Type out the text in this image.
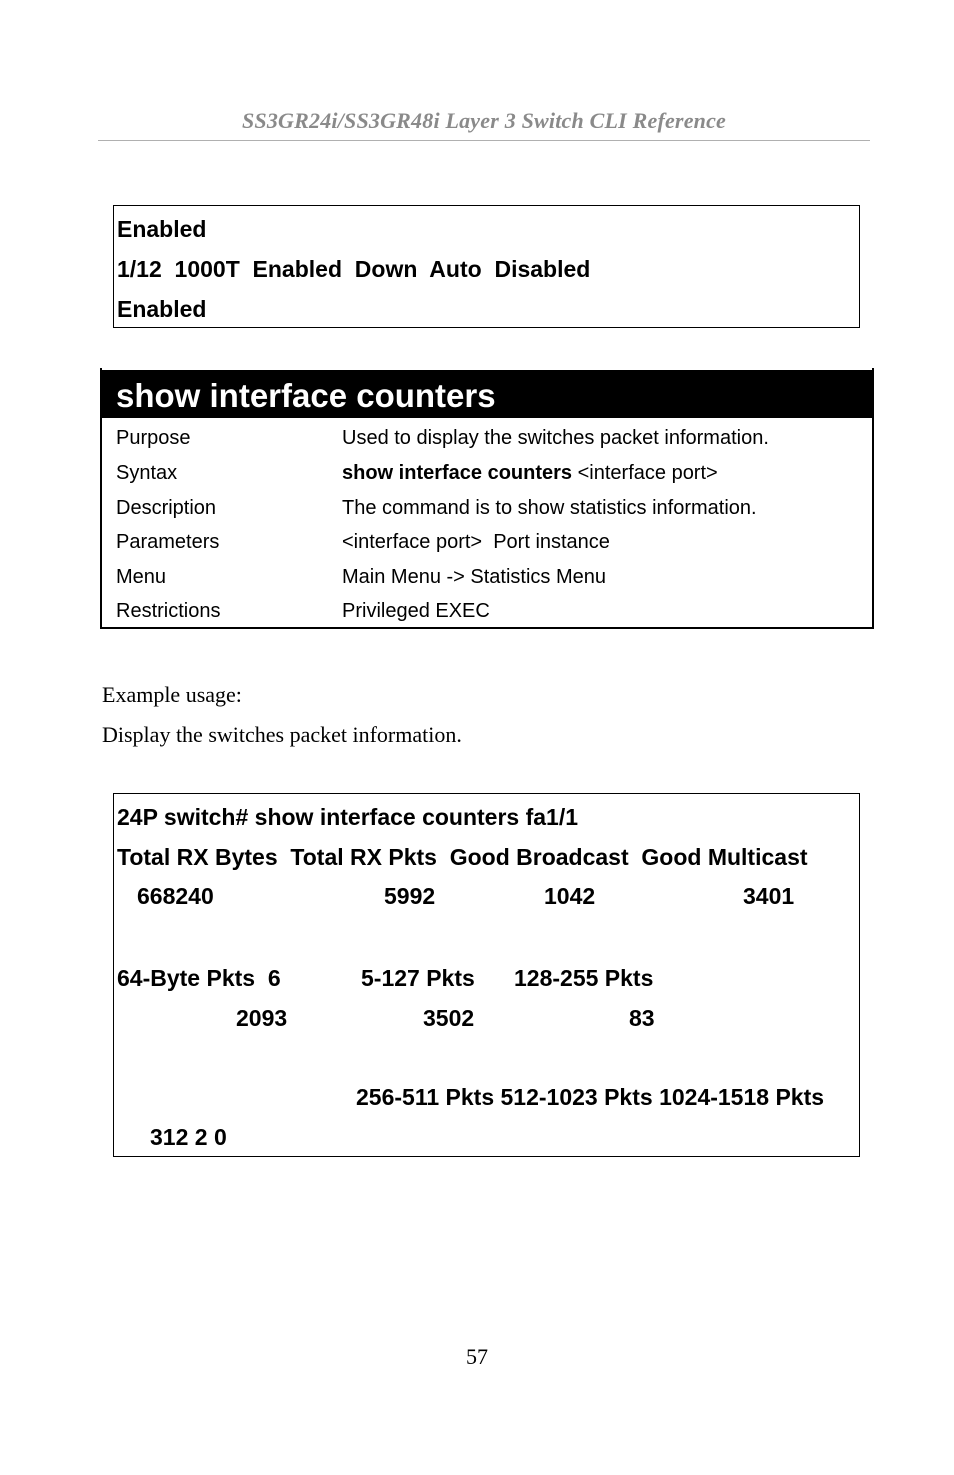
SS3GR24i/SS3GR48i Layer 3 Switch CLI Reference
Enabled
1/12  1000T  Enabled  Down  Auto  Disabled
Enabled
show interface counters
Purpose	Used to display the switches packet information.
Syntax	show interface counters <interface port>
Description	The command is to show statistics information.
Parameters	<interface port>  Port instance
Menu	Main Menu -> Statistics Menu
Restrictions	Privileged EXEC
Example usage:
Display the switches packet information.
24P switch# show interface counters fa1/1
Total RX Bytes  Total RX Pkts  Good Broadcast  Good Multicast
668240	5992	1042	3401
64-Byte Pkts  6	5-127 Pkts 128-255 Pkts
2093	3502	83
256-511 Pkts 512-1023 Pkts 1024-1518 Pkts
312 2 0
57
